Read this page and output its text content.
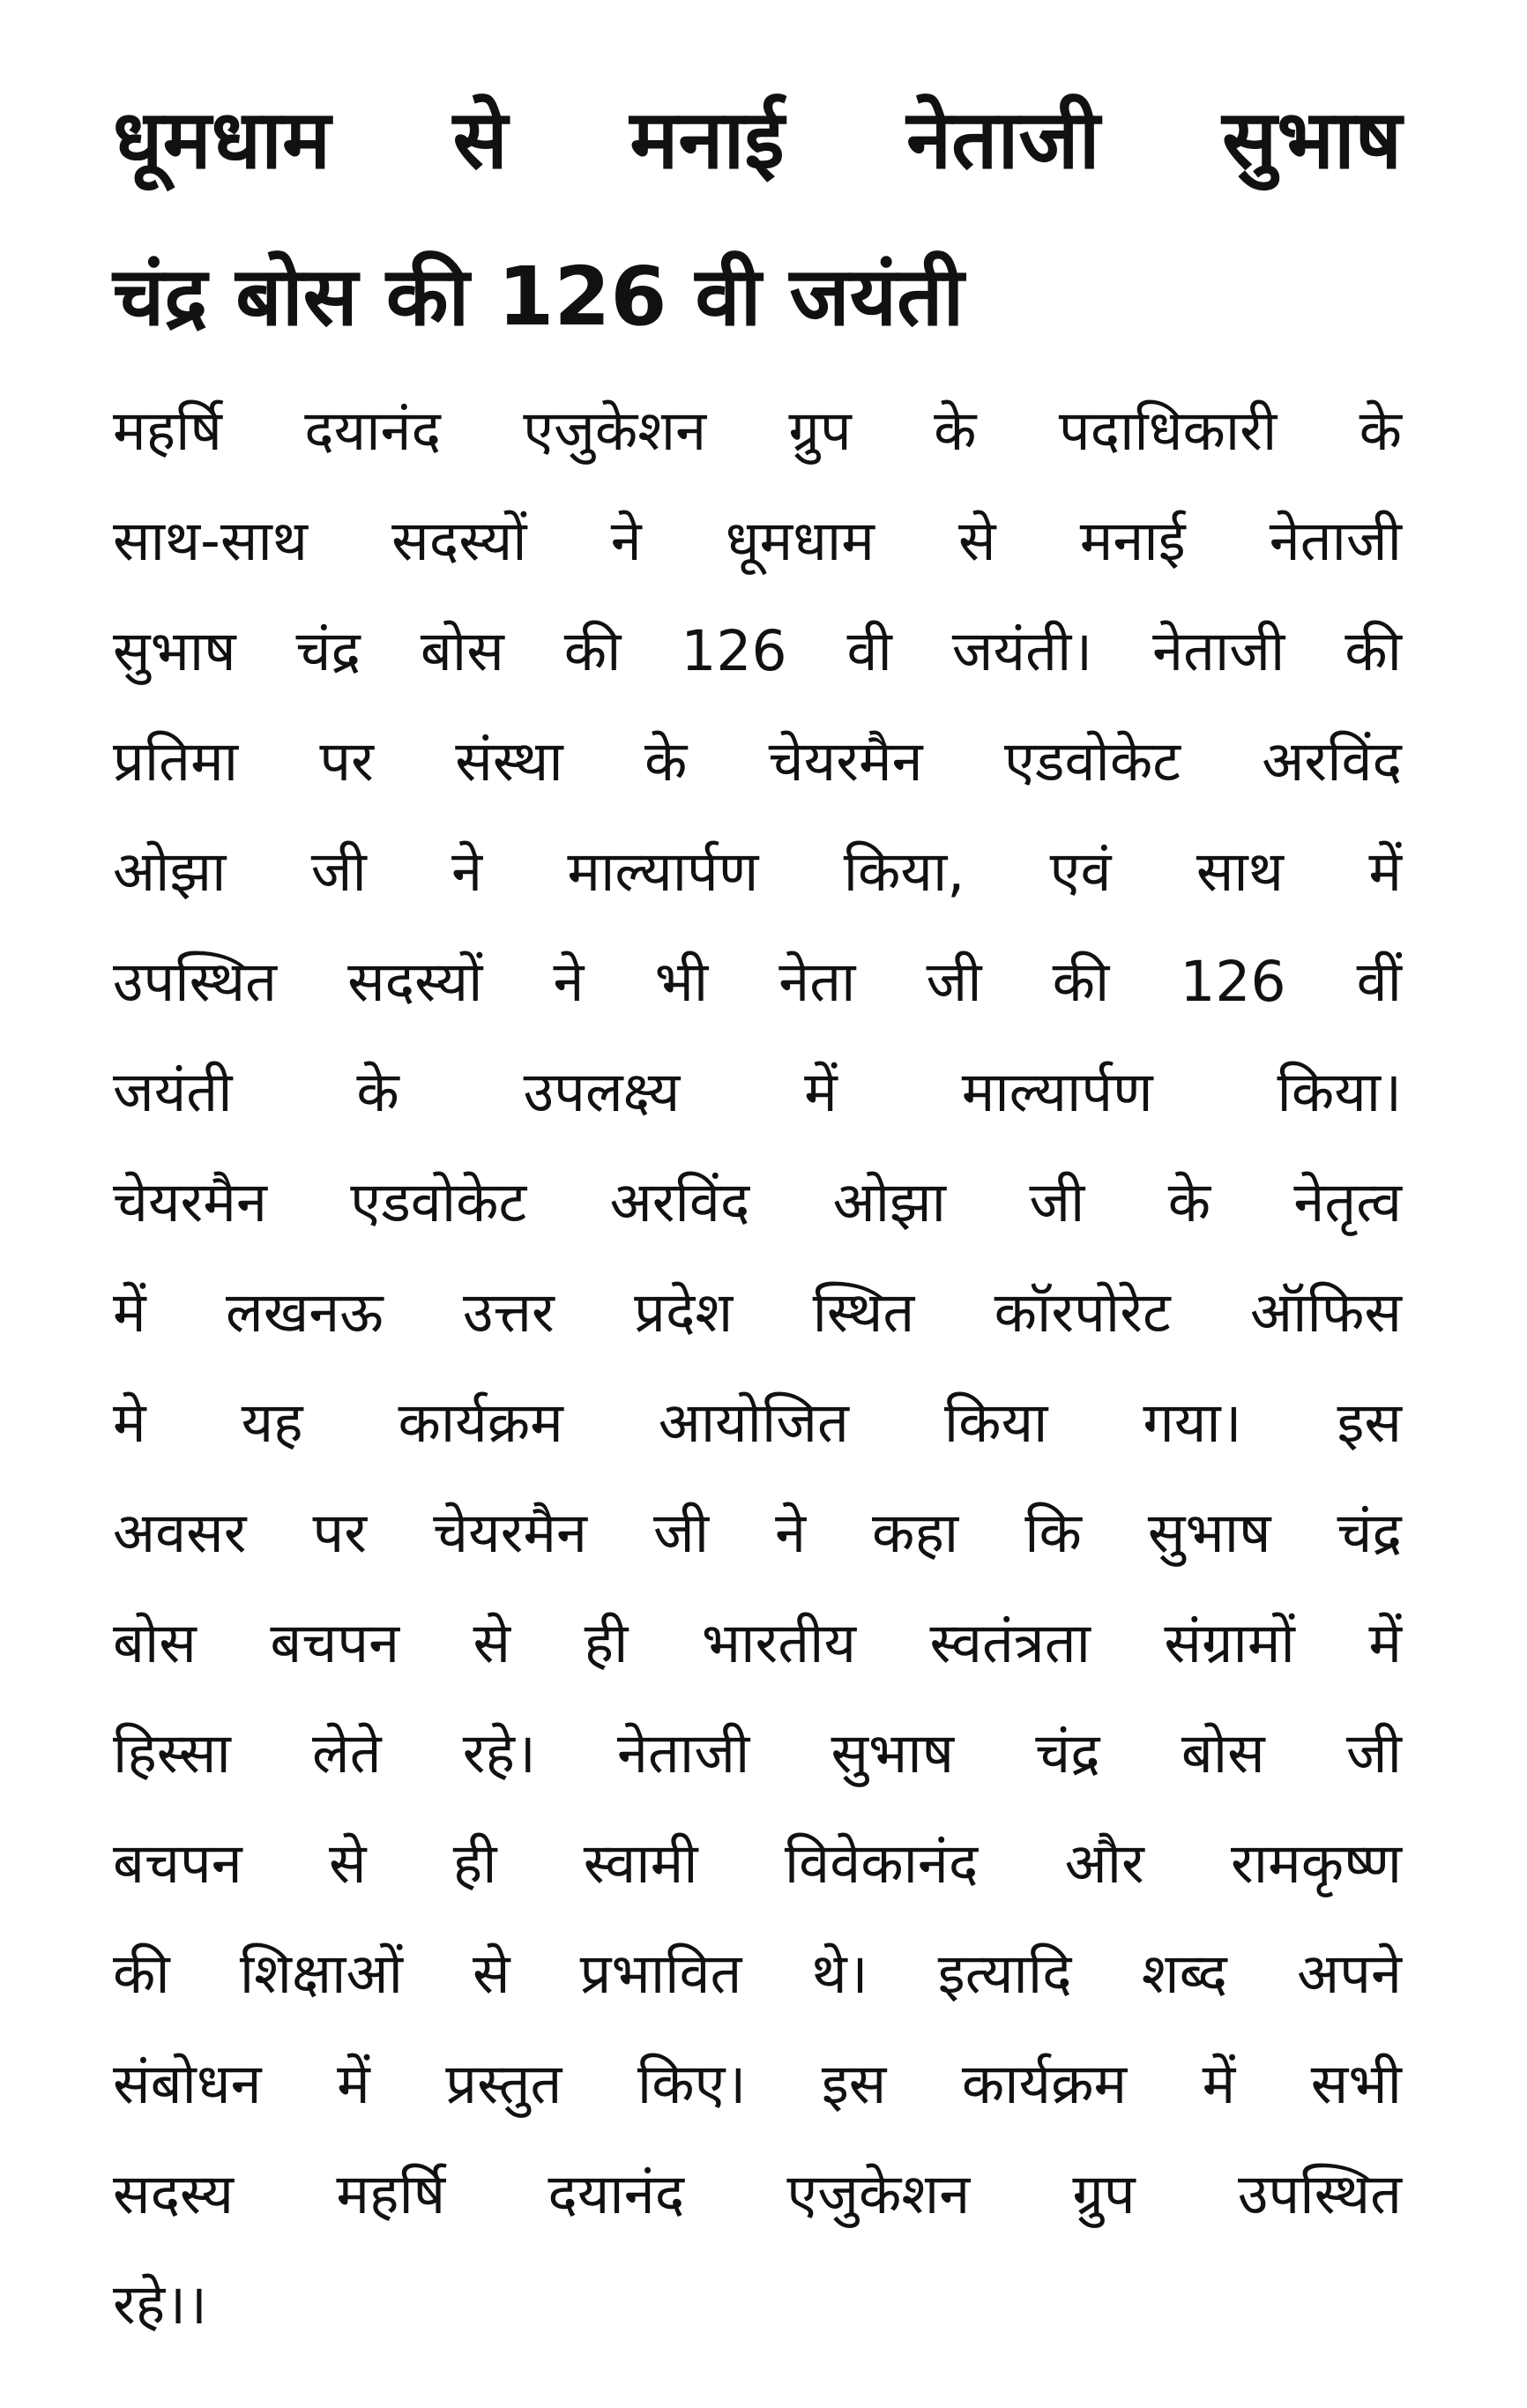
धूमधाम से मनाई नेताजी सुभाष
चंद्र बोस की 126 वी जयंती
महर्षि दयानंद एजुकेशन ग्रुप के पदाधिकारी के
साथ-साथ सदस्यों ने धूमधाम से मनाई नेताजी
सुभाष चंद्र बोस की 126 वी जयंती। नेताजी की
प्रतिमा पर संस्था के चेयरमैन एडवोकेट अरविंद
ओझा जी ने माल्यार्पण किया, एवं साथ में
उपस्थित सदस्यों ने भी नेता जी की 126 वीं
जयंती के उपलक्ष्य में माल्यार्पण किया।
चेयरमैन एडवोकेट अरविंद ओझा जी के नेतृत्व
में लखनऊ उत्तर प्रदेश स्थित कॉरपोरेट ऑफिस
मे यह कार्यक्रम आयोजित किया गया। इस
अवसर पर चेयरमैन जी ने कहा कि सुभाष चंद्र
बोस बचपन से ही भारतीय स्वतंत्रता संग्रामों में
हिस्सा लेते रहे। नेताजी सुभाष चंद्र बोस जी
बचपन से ही स्वामी विवेकानंद और रामकृष्ण
की शिक्षाओं से प्रभावित थे। इत्यादि शब्द अपने
संबोधन में प्रस्तुत किए। इस कार्यक्रम में सभी
सदस्य महर्षि दयानंद एजुकेशन ग्रुप उपस्थित
रहे।।
